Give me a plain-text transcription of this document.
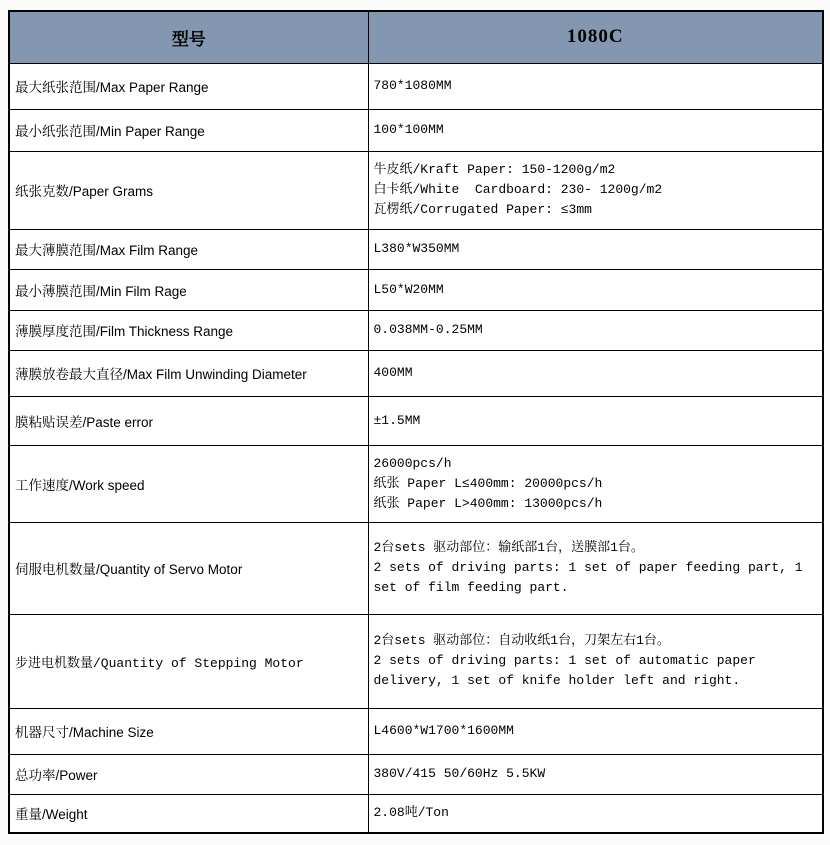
型号	1080C
最大纸张范围/Max Paper Range	780*1080MM

最小纸张范围/Min Paper Range	100*100MM

纸张克数/Paper Grams	牛皮纸/Kraft Paper: 150-1200g/m2
白卡纸/White  Cardboard: 230- 1200g/m2
瓦楞纸/Corrugated Paper: ≤3mm

最大薄膜范围/Max Film Range	L380*W350MM

最小薄膜范围/Min Film Rage	L50*W20MM

薄膜厚度范围/Film Thickness Range	0.038MM-0.25MM

薄膜放卷最大直径/Max Film Unwinding Diameter	400MM

膜粘贴误差/Paste error	±1.5MM

工作速度/Work speed	26000pcs/h
纸张 Paper L≤400mm: 20000pcs/h
纸张 Paper L>400mm: 13000pcs/h

伺服电机数量/Quantity of Servo Motor	2台sets 驱动部位：输纸部1台，送膜部1台。
2 sets of driving parts: 1 set of paper feeding part, 1 set of film feeding part.

步进电机数量/Quantity of Stepping Motor	2台sets 驱动部位：自动收纸1台，刀架左右1台。
2 sets of driving parts: 1 set of automatic paper delivery, 1 set of knife holder left and right.

机器尺寸/Machine Size	L4600*W1700*1600MM

总功率/Power	380V/415 50/60Hz 5.5KW

重量/Weight	2.08吨/Ton
